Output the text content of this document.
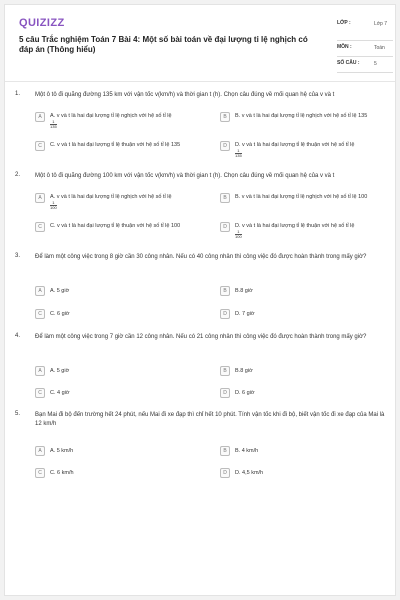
QUIZIZZ
5 câu Trắc nghiệm Toán 7 Bài 4: Một số bài toán về đại lượng tỉ lệ nghịch có đáp án (Thông hiểu)
LỚP :	Lớp 7
MÔN :	Toán
SỐ CÂU :	5
1. Một ô tô đi quãng đường 135 km với vận tốc v(km/h) và thời gian t (h). Chọn câu đúng về mối quan hệ của v và t
A	A. v và t là hai đại lượng tỉ lệ nghịch với hệ số tỉ lệ

$\frac{1}{135}$
B	B. v và t là hai đại lượng tỉ lệ nghịch với hệ số tỉ lệ 135
C	C. v và t là hai đại lượng tỉ lệ thuận với hệ số tỉ lệ 135	D	D. v và t là hai đại lượng tỉ lệ thuận với hệ số tỉ lệ

$\frac{1}{135}$
2. Một ô tô đi quãng đường 100 km với vận tốc v(km/h) và thời gian t (h). Chọn câu đúng về mối quan hệ của v và t
A	A. v và t là hai đại lượng tỉ lệ nghịch với hệ số tỉ lệ

$\frac{1}{100}$
B	B. v và t là hai đại lượng tỉ lệ nghịch với hệ số tỉ lệ 100
C	C. v và t là hai đại lượng tỉ lệ thuận với hệ số tỉ lệ 100	D	D. v và t là hai đại lượng tỉ lệ thuận với hệ số tỉ lệ

$\frac{1}{100}$
3. Để làm một công việc trong 8 giờ cần 30 công nhân. Nếu có 40 công nhân thì công việc đó được hoàn thành trong mấy giờ?
A	A. 5 giờ	B	B.8 giờ
C	C. 6 giờ	D	D. 7 giờ
4. Để làm một công việc trong 7 giờ cần 12 công nhân. Nếu có 21 công nhân thì công việc đó được hoàn thành trong mấy giờ?
A	A. 5 giờ	B	B.8 giờ
C	C. 4 giờ	D	D. 6 giờ
5. Bạn Mai đi bộ đến trường hết 24 phút, nếu Mai đi xe đạp thì chỉ hết 10 phút. Tính vận tốc khi đi bộ, biết vận tốc đi xe đạp của Mai là 12 km/h
A	A. 5 km/h	B	B. 4 km/h
C	C. 6 km/h	D	D. 4,5 km/h
